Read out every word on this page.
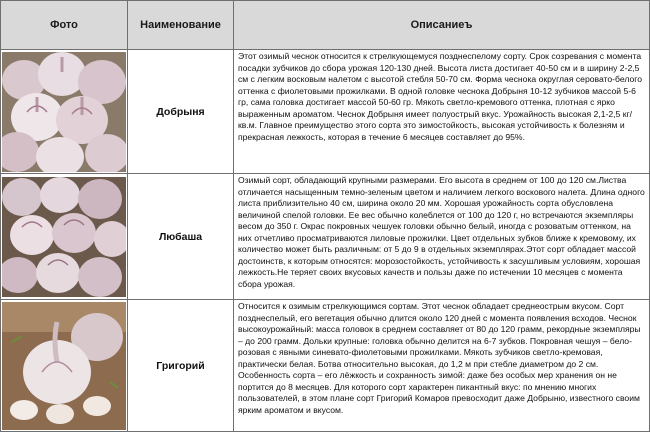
Фото	Наименование	Описаниеъ

	Добрыня	Этот озимый чеснок относится к стрелкующемуся позднеспелому сорту. Срок созревания с момента посадки зубчиков до сбора урожая 120-130 дней. Высота листа достигает 40-50 см и в ширину 2-2,5 см с легким восковым налетом с высотой стебля 50-70 см. Форма чеснока округлая серовато-белого оттенка с фиолетовыми прожилками. В одной головке чеснока Добрыня 10-12 зубчиков массой 5-6 гр, сама головка достигает массой 50-60 гр. Мякоть светло-кремового оттенка, плотная с ярко выраженным ароматом. Чеснок Добрыня имеет полуострый вкус. Урожайность высокая 2,1-2,5 кг/кв.м. Главное преимущество этого сорта это зимостойкость, высокая устойчивость к болезням и прекрасная лежкость, которая в течение 6 месяцев составляет до 95%.

	Любаша	Озимый сорт, обладающий крупными размерами. Его высота в среднем от 100 до 120 см.Листва отличается насыщенным темно-зеленым цветом и наличием легкого воскового налета. Длина одного листа приблизительно 40 см, ширина около 20 мм. Хорошая урожайность сорта обусловлена величиной спелой головки. Ее вес обычно колеблется от 100 до 120 г, но встречаются экземпляры весом до 350 г. Окрас покровных чешуек головки обычно белый, иногда с розоватым оттенком, на них отчетливо просматриваются лиловые прожилки. Цвет отдельных зубков ближе к кремовому, их количество может быть различным: от 5 до 9 в отдельных экземплярах.Этот сорт обладает массой достоинств, к которым относятся: морозостойкость, устойчивость к засушливым условиям, хорошая лежкость.Не теряет своих вкусовых качеств и пользы даже по истечении 10 месяцев с момента сбора урожая.

	Григорий	Относится к озимым стрелкующимся сортам. Этот чеснок обладает среднеострым вкусом. Сорт позднеспелый, его вегетация обычно длится около 120 дней с момента появления всходов. Чеснок высокоурожайный: масса головок в среднем составляет от 80 до 120 грамм, рекордные экземпляры – до 200 грамм. Дольки крупные: головка обычно делится на 6-7 зубков. Покровная чешуя – бело-розовая с явными синевато-фиолетовыми прожилками. Мякоть зубчиков светло-кремовая, практически белая. Ботва относительно высокая, до 1,2 м при стебле диаметром до 2 см. Особенность сорта – его лёжкость и сохранность зимой: даже без особых мер хранения он не портится до 8 месяцев. Для которого сорт характерен пикантный вкус: по мнению многих пользователей, в этом плане сорт Григорий Комаров превосходит даже Добрыню, известного своим ярким ароматом и вкусом.
